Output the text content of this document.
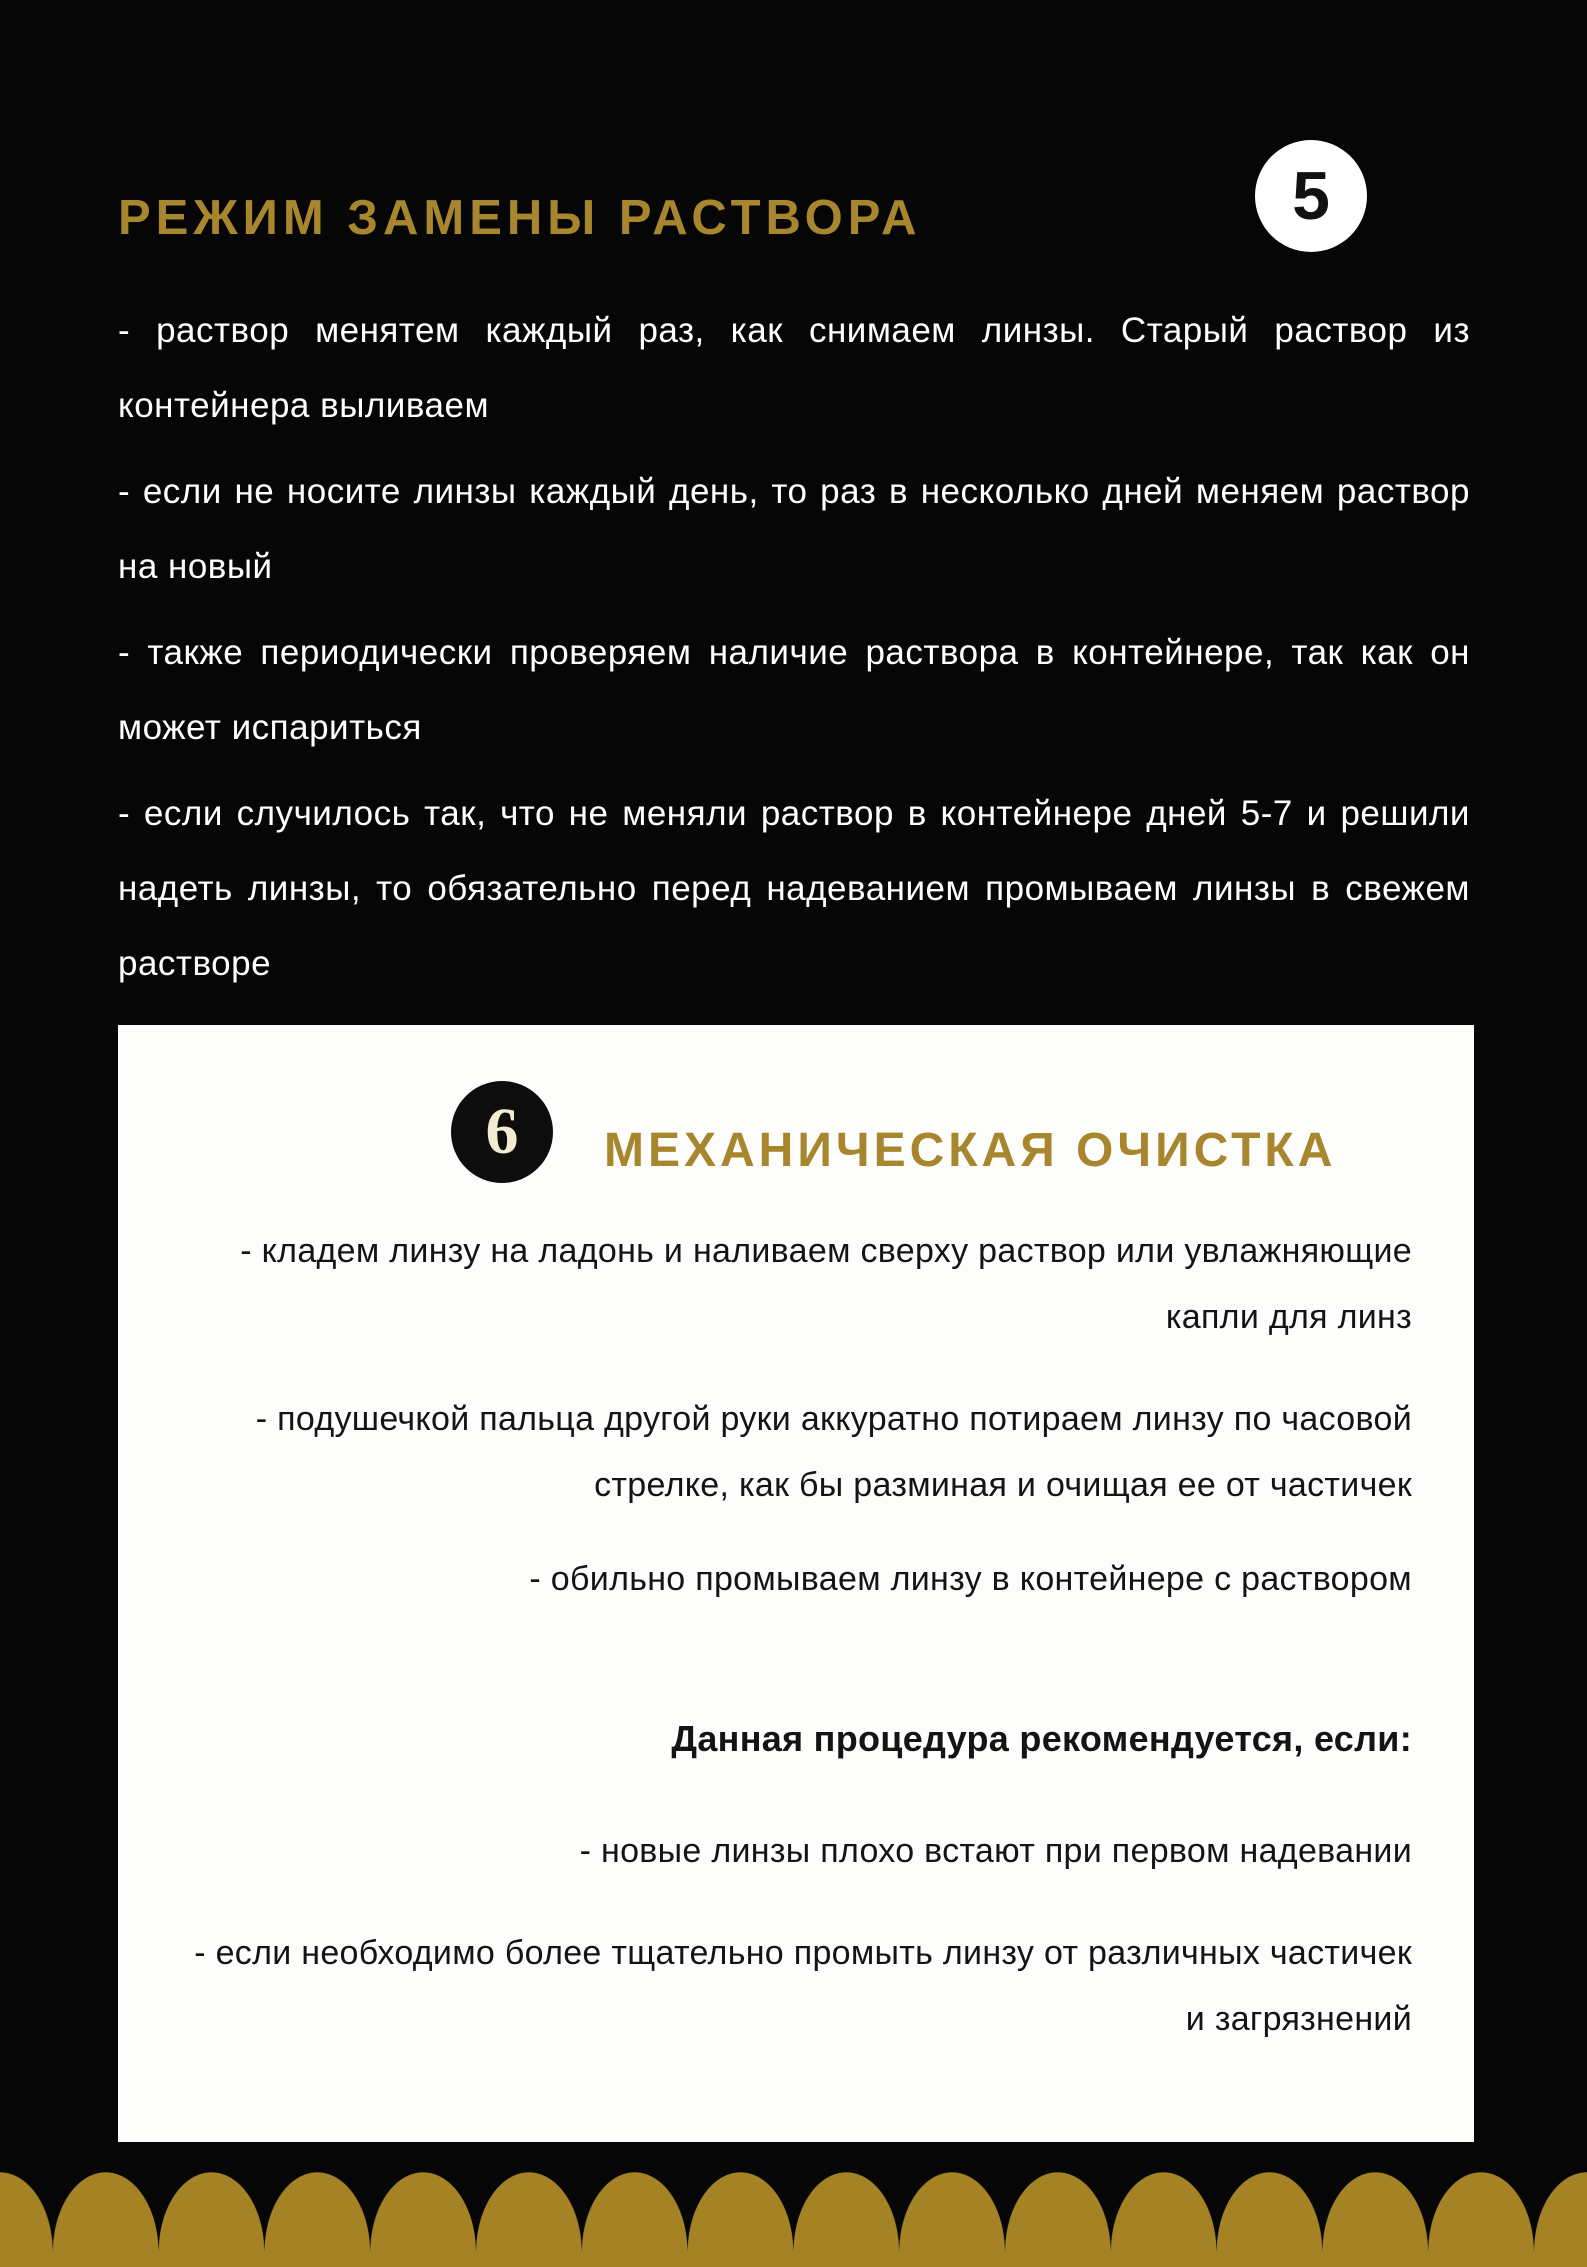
РЕЖИМ ЗАМЕНЫ РАСТВОРА	5

- раствор менятем каждый раз, как снимаем линзы. Старый раствор из контейнера выливаем

- если не носите линзы каждый день, то раз в несколько дней меняем раствор на новый

- также периодически проверяем наличие раствора в контейнере, так как он может испариться

- если случилось так, что не меняли раствор в контейнере дней 5-7 и решили надеть линзы, то обязательно перед надеванием промываем линзы в свежем растворе

6 МЕХАНИЧЕСКАЯ ОЧИСТКА

- кладем линзу на ладонь и наливаем сверху раствор или увлажняющие капли для линз

- подушечкой пальца другой руки аккуратно потираем линзу по часовой стрелке, как бы разминая и очищая ее от частичек

- обильно промываем линзу в контейнере с раствором

Данная процедура рекомендуется, если:

- новые линзы плохо встают при первом надевании

- если необходимо более тщательно промыть линзу от различных частичек и загрязнений
